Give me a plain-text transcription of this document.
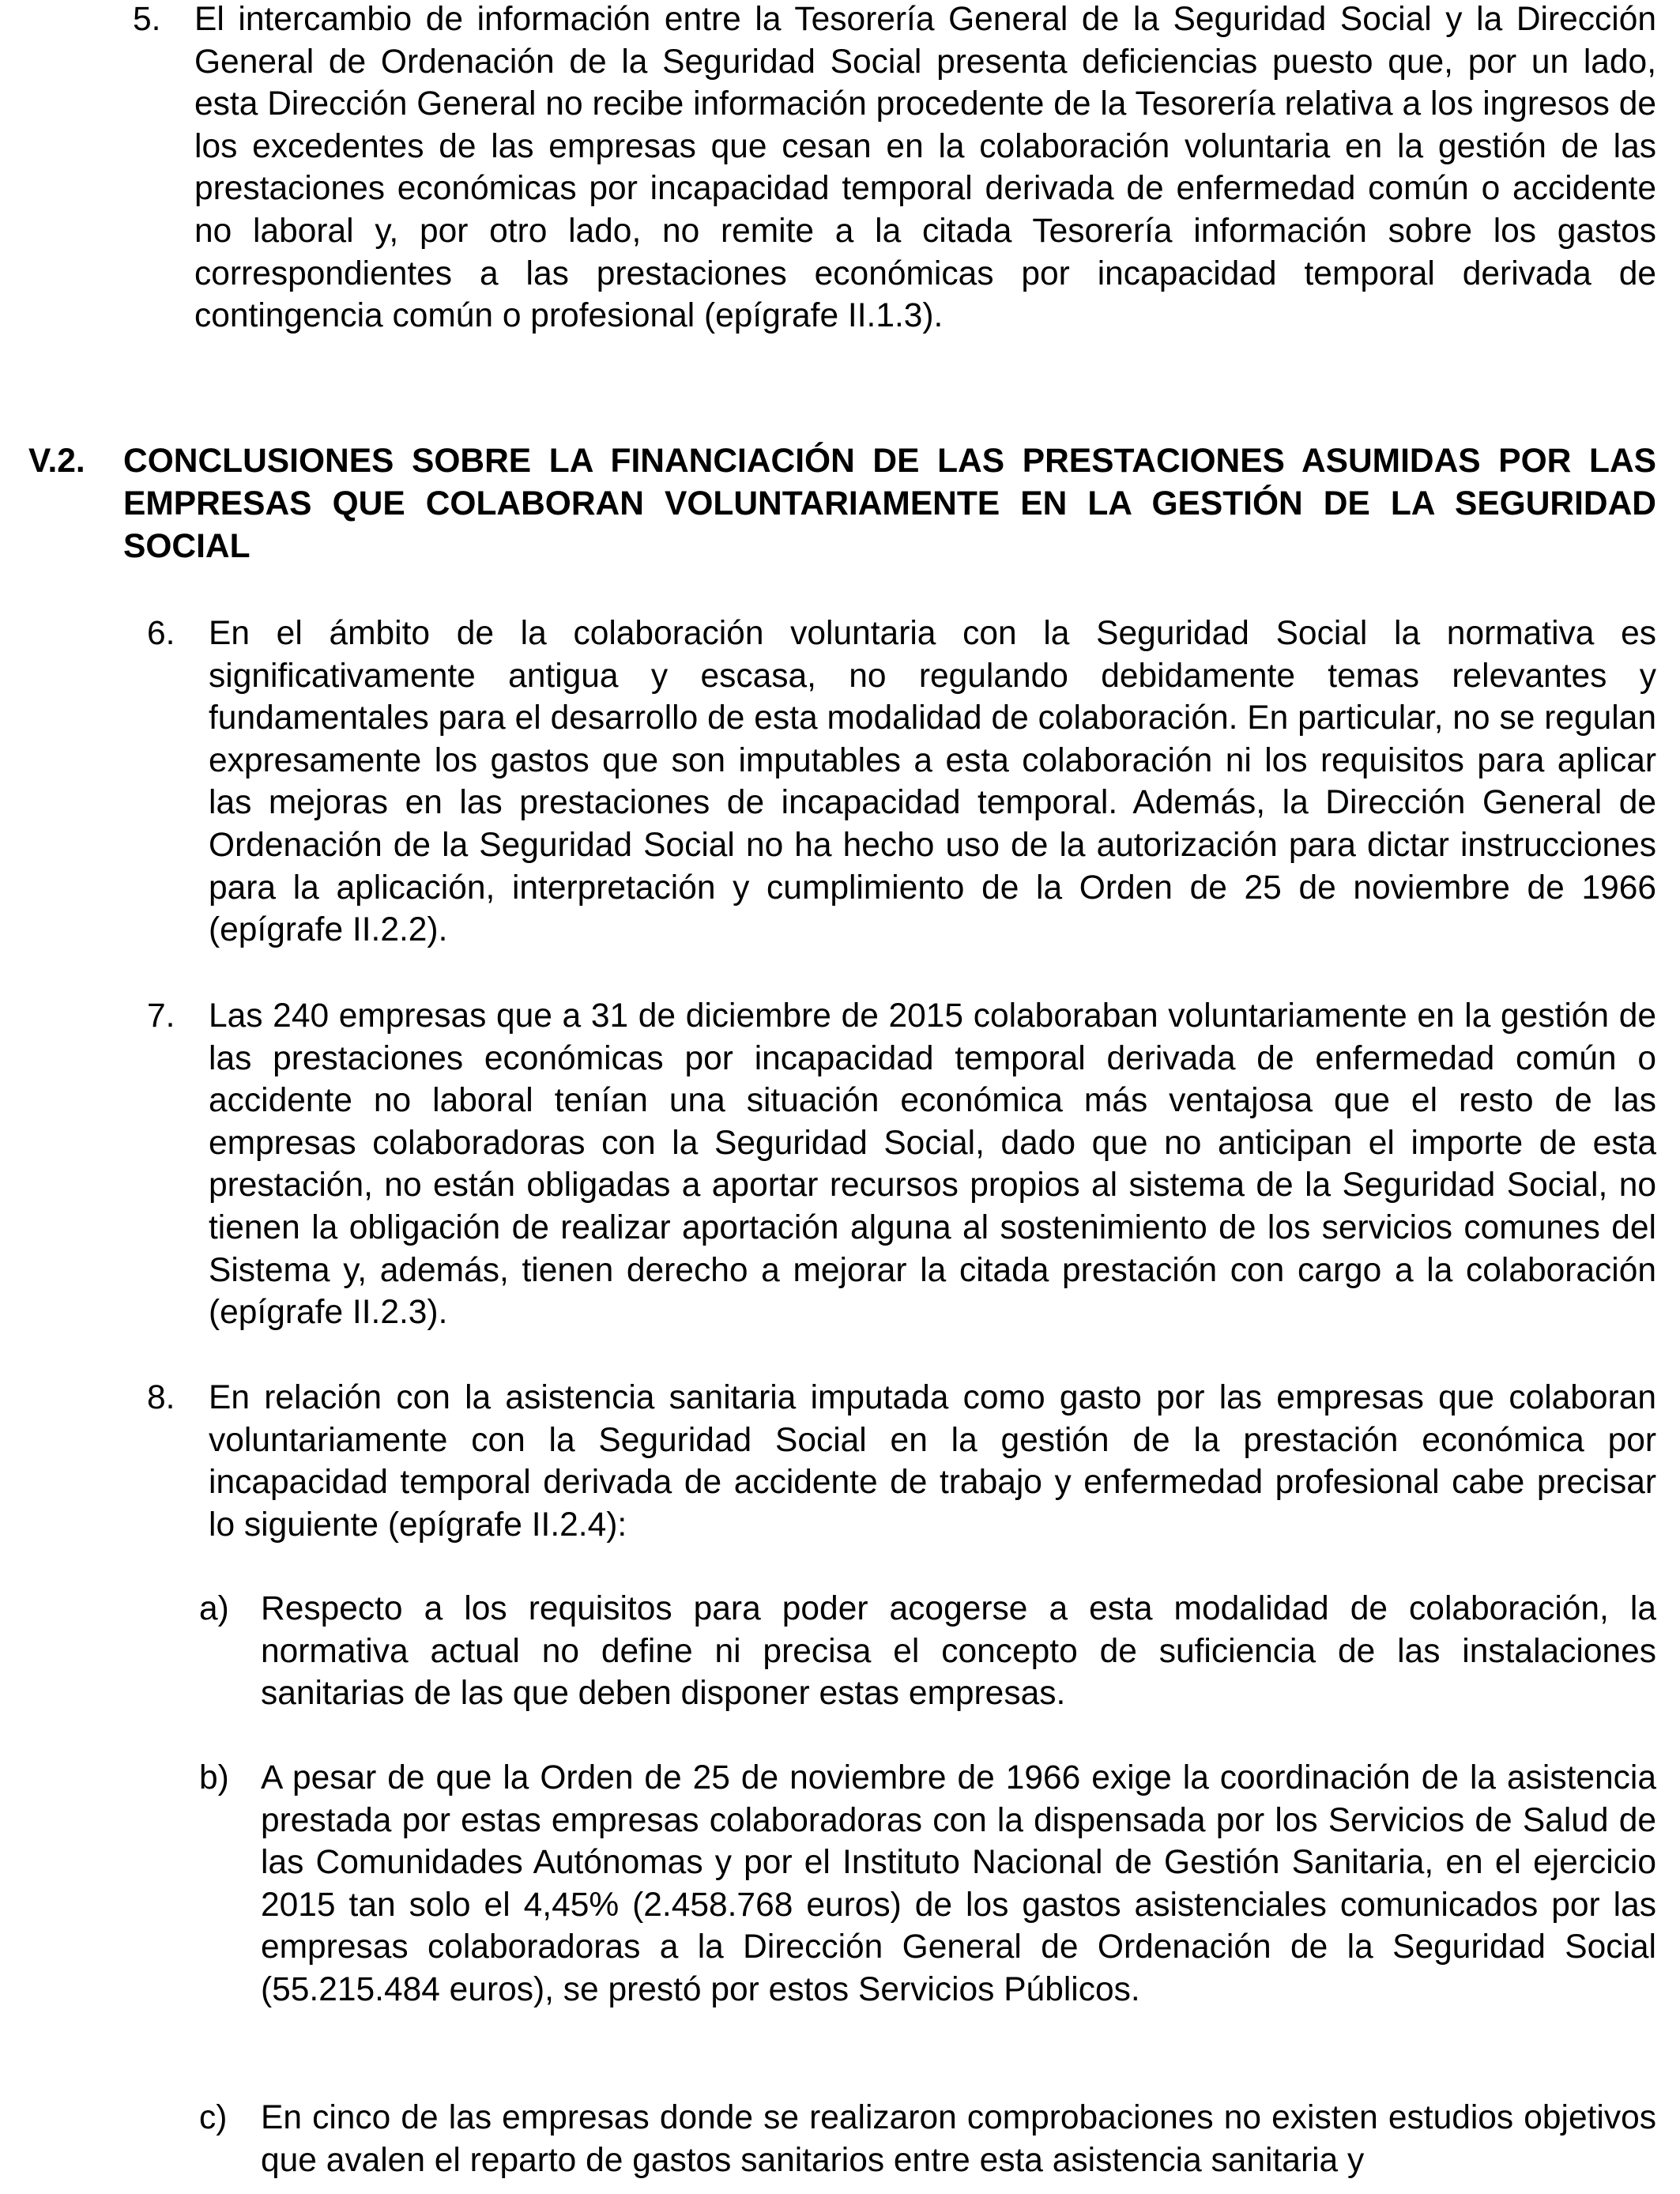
5.	El intercambio de información entre la Tesorería General de la Seguridad Social y la Dirección General de Ordenación de la Seguridad Social presenta deficiencias puesto que, por un lado, esta Dirección General no recibe información procedente de la Tesorería relativa a los ingresos de los excedentes de las empresas que cesan en la colaboración voluntaria en la gestión de las prestaciones económicas por incapacidad temporal derivada de enfermedad común o accidente no laboral y, por otro lado, no remite a la citada Tesorería información sobre los gastos correspondientes a las prestaciones económicas por incapacidad temporal derivada de contingencia común o profesional (epígrafe II.1.3).
V.2.	CONCLUSIONES SOBRE LA FINANCIACIÓN DE LAS PRESTACIONES ASUMIDAS POR LAS EMPRESAS QUE COLABORAN VOLUNTARIAMENTE EN LA GESTIÓN DE LA SEGURIDAD SOCIAL
6.	En el ámbito de la colaboración voluntaria con la Seguridad Social la normativa es significativamente antigua y escasa, no regulando debidamente temas relevantes y fundamentales para el desarrollo de esta modalidad de colaboración. En particular, no se regulan expresamente los gastos que son imputables a esta colaboración ni los requisitos para aplicar las mejoras en las prestaciones de incapacidad temporal. Además, la Dirección General de Ordenación de la Seguridad Social no ha hecho uso de la autorización para dictar instrucciones para la aplicación, interpretación y cumplimiento de la Orden de 25 de noviembre de 1966 (epígrafe II.2.2).
7.	Las 240 empresas que a 31 de diciembre de 2015 colaboraban voluntariamente en la gestión de las prestaciones económicas por incapacidad temporal derivada de enfermedad común o accidente no laboral tenían una situación económica más ventajosa que el resto de las empresas colaboradoras con la Seguridad Social, dado que no anticipan el importe de esta prestación, no están obligadas a aportar recursos propios al sistema de la Seguridad Social, no tienen la obligación de realizar aportación alguna al sostenimiento de los servicios comunes del Sistema y, además, tienen derecho a mejorar la citada prestación con cargo a la colaboración (epígrafe II.2.3).
8.	En relación con la asistencia sanitaria imputada como gasto por las empresas que colaboran voluntariamente con la Seguridad Social en la gestión de la prestación económica por incapacidad temporal derivada de accidente de trabajo y enfermedad profesional cabe precisar lo siguiente (epígrafe II.2.4):
a) Respecto a los requisitos para poder acogerse a esta modalidad de colaboración, la normativa actual no define ni precisa el concepto de suficiencia de las instalaciones sanitarias de las que deben disponer estas empresas.
b) A pesar de que la Orden de 25 de noviembre de 1966 exige la coordinación de la asistencia prestada por estas empresas colaboradoras con la dispensada por los Servicios de Salud de las Comunidades Autónomas y por el Instituto Nacional de Gestión Sanitaria, en el ejercicio 2015 tan solo el 4,45% (2.458.768 euros) de los gastos asistenciales comunicados por las empresas colaboradoras a la Dirección General de Ordenación de la Seguridad Social (55.215.484 euros), se prestó por estos Servicios Públicos.
c)	En cinco de las empresas donde se realizaron comprobaciones no existen estudios objetivos que avalen el reparto de gastos sanitarios entre esta asistencia sanitaria y
